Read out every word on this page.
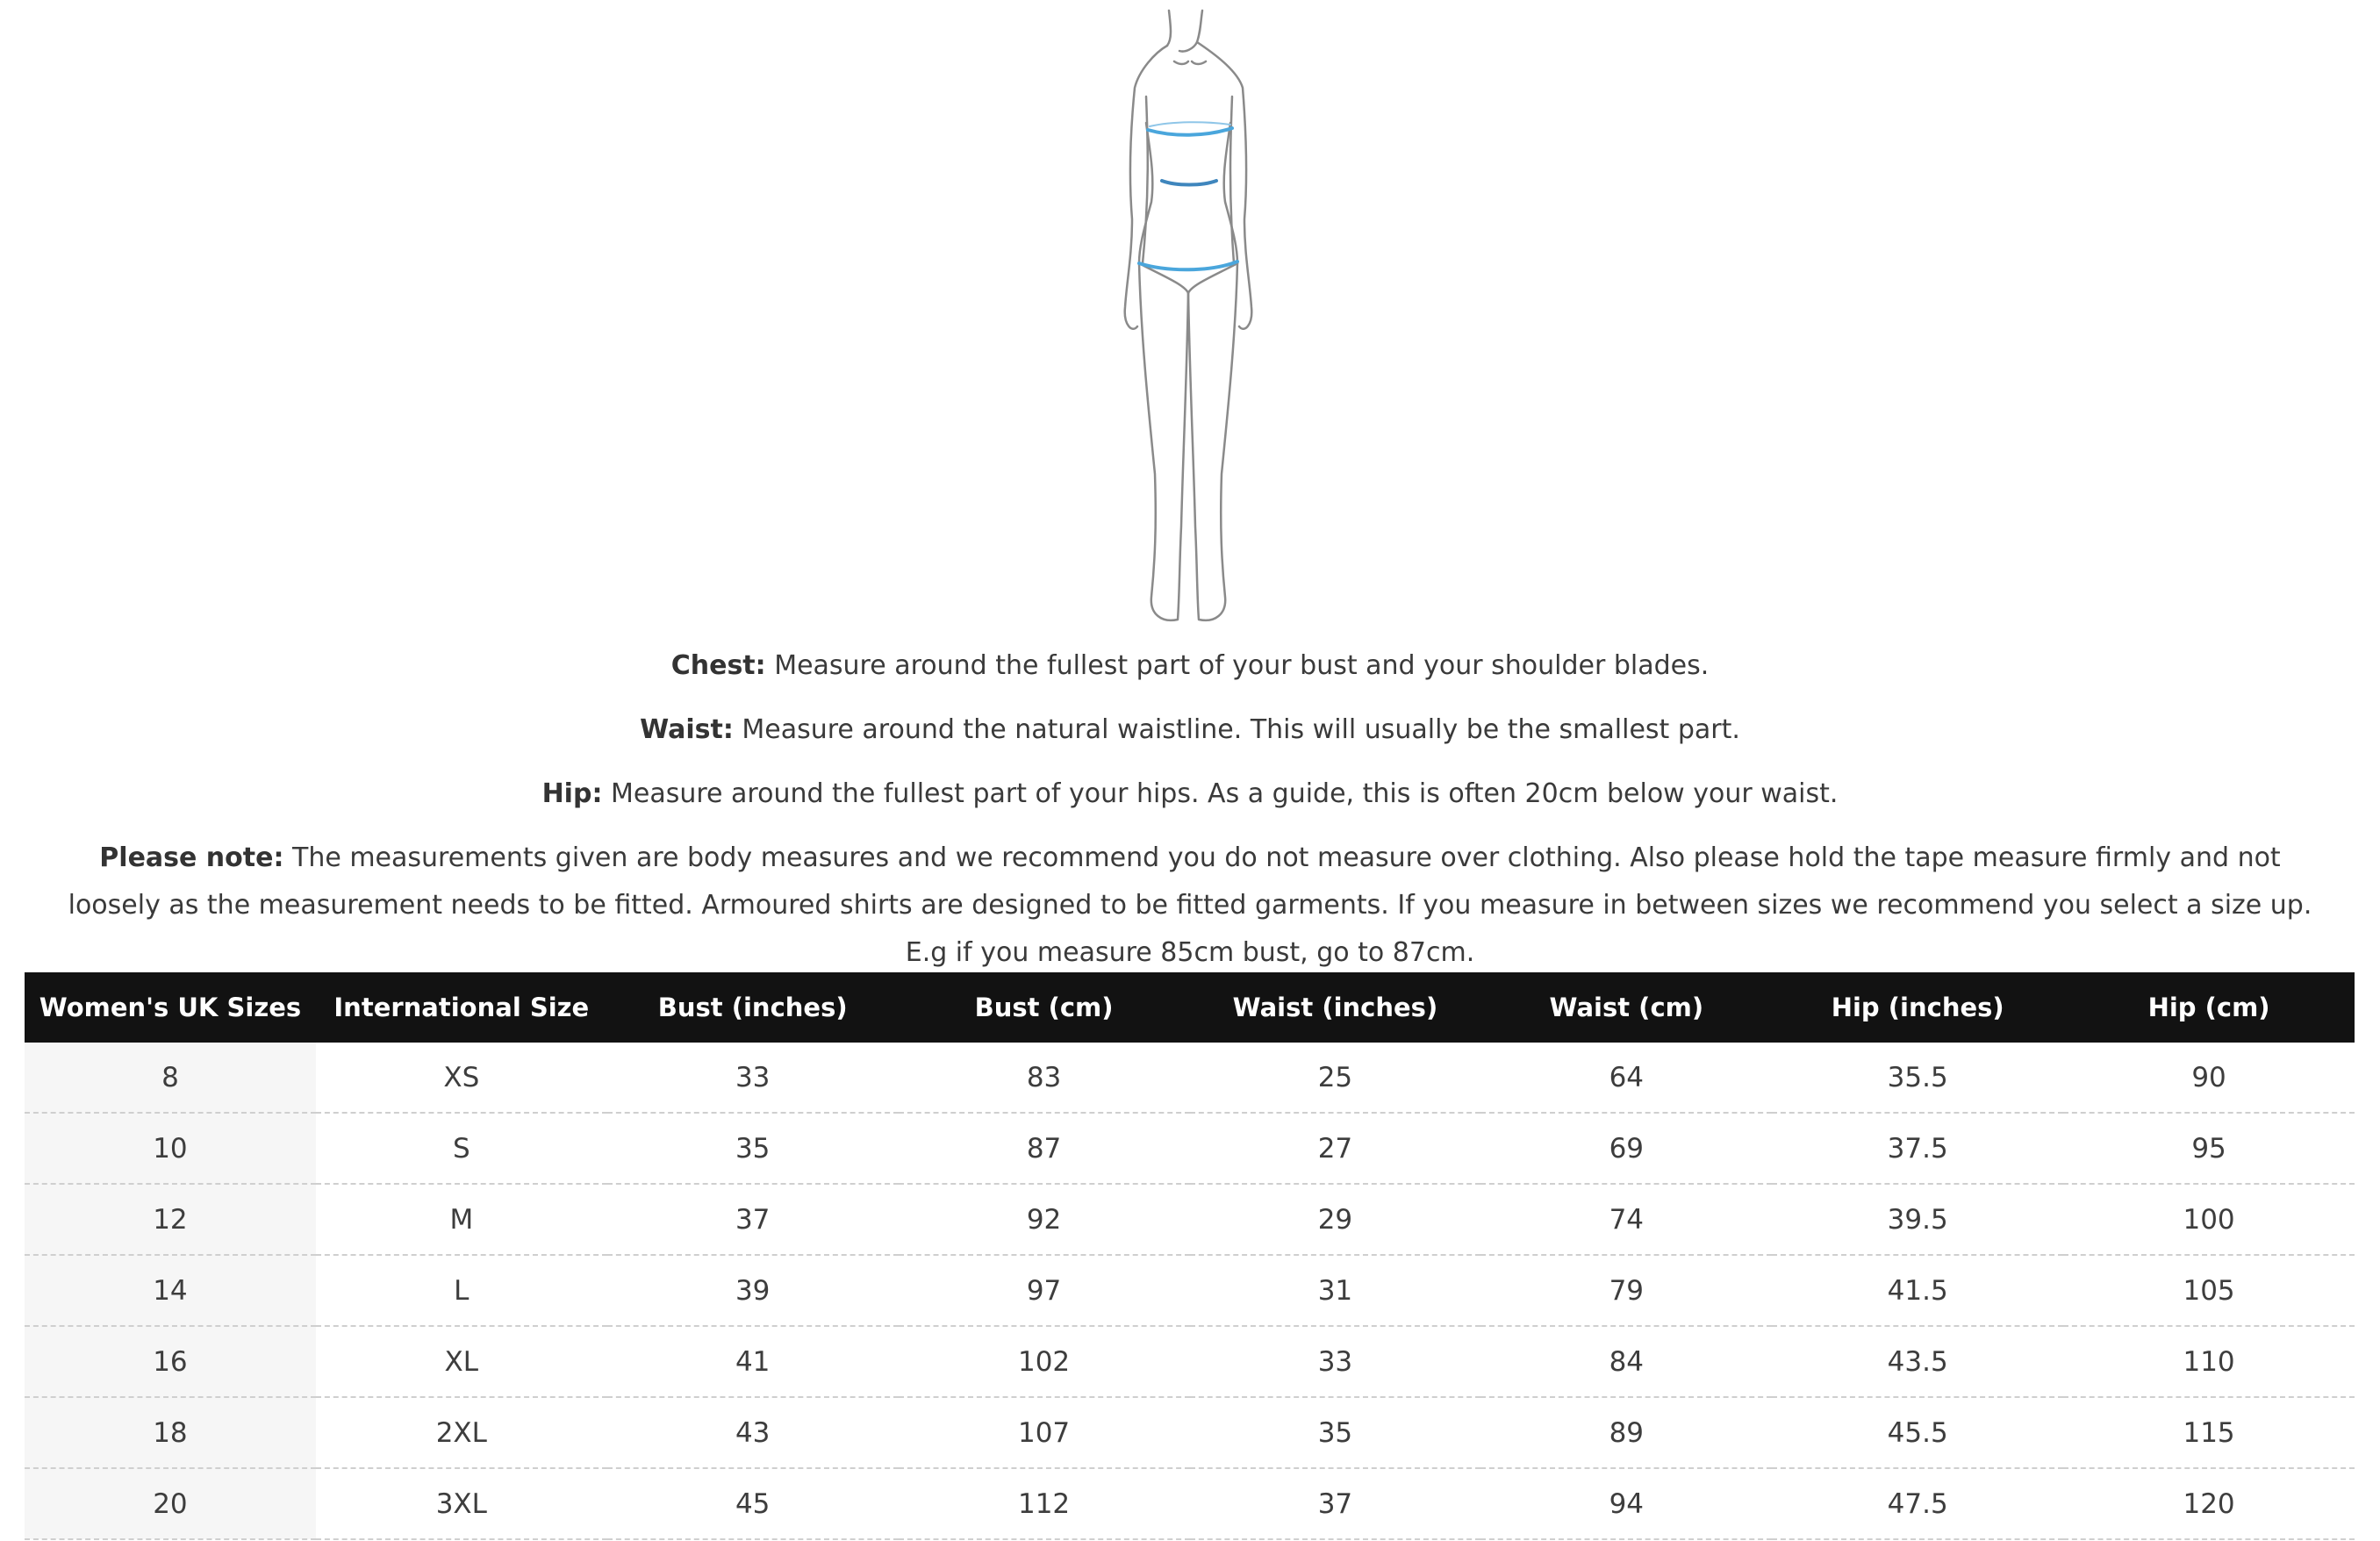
Chest: Measure around the fullest part of your bust and your shoulder blades.
Waist: Measure around the natural waistline. This will usually be the smallest part.
Hip: Measure around the fullest part of your hips. As a guide, this is often 20cm below your waist.
Please note: The measurements given are body measures and we recommend you do not measure over clothing. Also please hold the tape measure firmly and not loosely as the measurement needs to be fitted. Armoured shirts are designed to be fitted garments. If you measure in between sizes we recommend you select a size up. E.g if you measure 85cm bust, go to 87cm.
Women's UK Sizes	International Size	Bust (inches)	Bust (cm)	Waist (inches)	Waist (cm)	Hip (inches)	Hip (cm)
8	XS	33	83	25	64	35.5	90
10	S	35	87	27	69	37.5	95
12	M	37	92	29	74	39.5	100
14	L	39	97	31	79	41.5	105
16	XL	41	102	33	84	43.5	110
18	2XL	43	107	35	89	45.5	115
20	3XL	45	112	37	94	47.5	120
